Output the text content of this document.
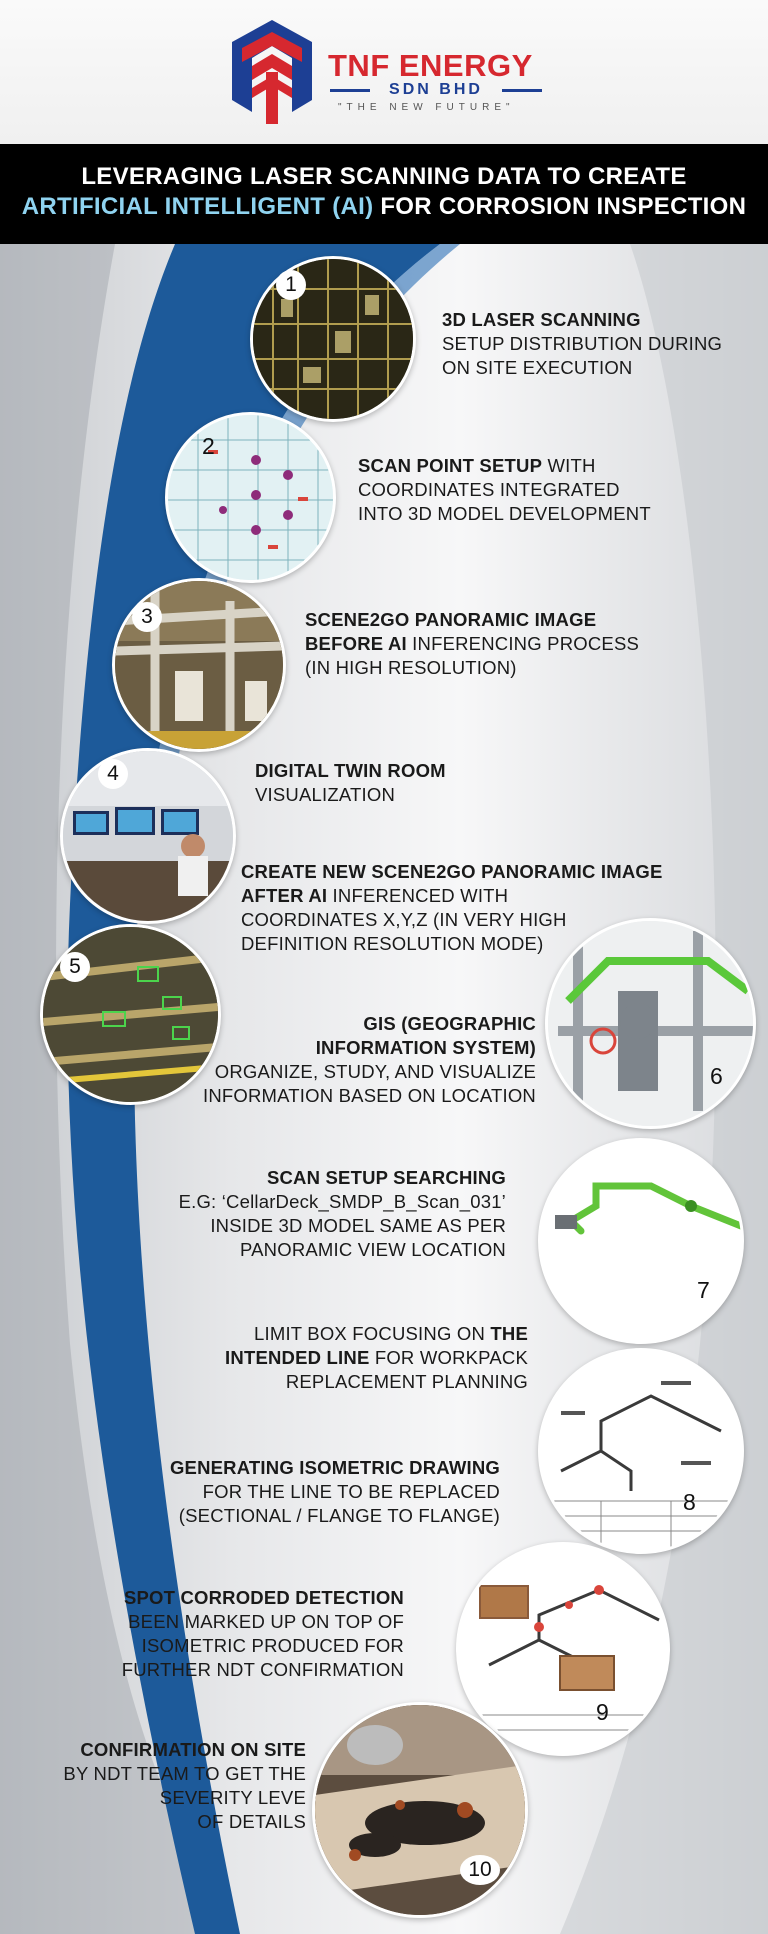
TNF ENERGY
SDN BHD
"THE NEW FUTURE"
LEVERAGING LASER SCANNING DATA TO CREATE
ARTIFICIAL INTELLIGENT (AI) FOR CORROSION INSPECTION
1
2
3
4
5
6
7
8
9
10
3D LASER SCANNING
SETUP DISTRIBUTION DURING
ON SITE EXECUTION
SCAN POINT SETUP WITH
COORDINATES INTEGRATED
INTO 3D MODEL DEVELOPMENT
SCENE2GO PANORAMIC IMAGE
BEFORE AI INFERENCING PROCESS
(IN HIGH RESOLUTION)
DIGITAL TWIN ROOM
VISUALIZATION
CREATE NEW SCENE2GO PANORAMIC IMAGE
AFTER AI INFERENCED WITH
COORDINATES X,Y,Z (IN VERY HIGH
DEFINITION RESOLUTION MODE)
GIS (GEOGRAPHIC
INFORMATION SYSTEM)
ORGANIZE, STUDY, AND VISUALIZE
INFORMATION BASED ON LOCATION
SCAN SETUP SEARCHING
E.G: ‘CellarDeck_SMDP_B_Scan_031’
INSIDE 3D MODEL SAME AS PER
PANORAMIC VIEW LOCATION
LIMIT BOX FOCUSING ON THE
INTENDED LINE FOR WORKPACK
REPLACEMENT PLANNING
GENERATING ISOMETRIC DRAWING
FOR THE LINE TO BE REPLACED
(SECTIONAL / FLANGE TO FLANGE)
SPOT CORRODED DETECTION
BEEN MARKED UP ON TOP OF
ISOMETRIC PRODUCED FOR
FURTHER NDT CONFIRMATION
CONFIRMATION ON SITE
BY NDT TEAM TO GET THE
SEVERITY LEVE
OF DETAILS
